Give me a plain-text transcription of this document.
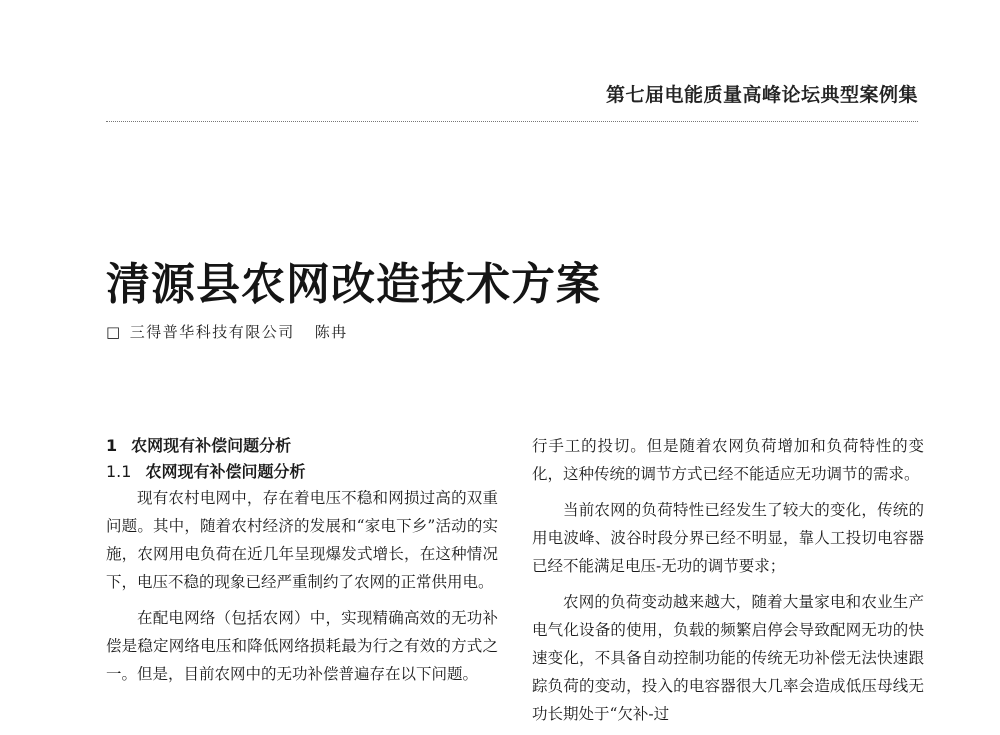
第七届电能质量高峰论坛典型案例集
清源县农网改造技术方案
□ 三得普华科技有限公司 陈冉
1 农网现有补偿问题分析
1.1 农网现有补偿问题分析

现有农村电网中，存在着电压不稳和网损过高的双重问题。其中，随着农村经济的发展和“家电下乡”活动的实施，农网用电负荷在近几年呈现爆发式增长，在这种情况下，电压不稳的现象已经严重制约了农网的正常供用电。

在配电网络（包括农网）中，实现精确高效的无功补偿是稳定网络电压和降低网络损耗最为行之有效的方式之一。但是，目前农网中的无功补偿普遍存在以下问题。

行手工的投切。但是随着农网负荷增加和负荷特性的变化，这种传统的调节方式已经不能适应无功调节的需求。

当前农网的负荷特性已经发生了较大的变化，传统的用电波峰、波谷时段分界已经不明显，靠人工投切电容器已经不能满足电压-无功的调节要求；

农网的负荷变动越来越大，随着大量家电和农业生产电气化设备的使用，负载的频繁启停会导致配网无功的快速变化，不具备自动控制功能的传统无功补偿无法快速跟踪负荷的变动，投入的电容器很大几率会造成低压母线无功长期处于“欠补-过
